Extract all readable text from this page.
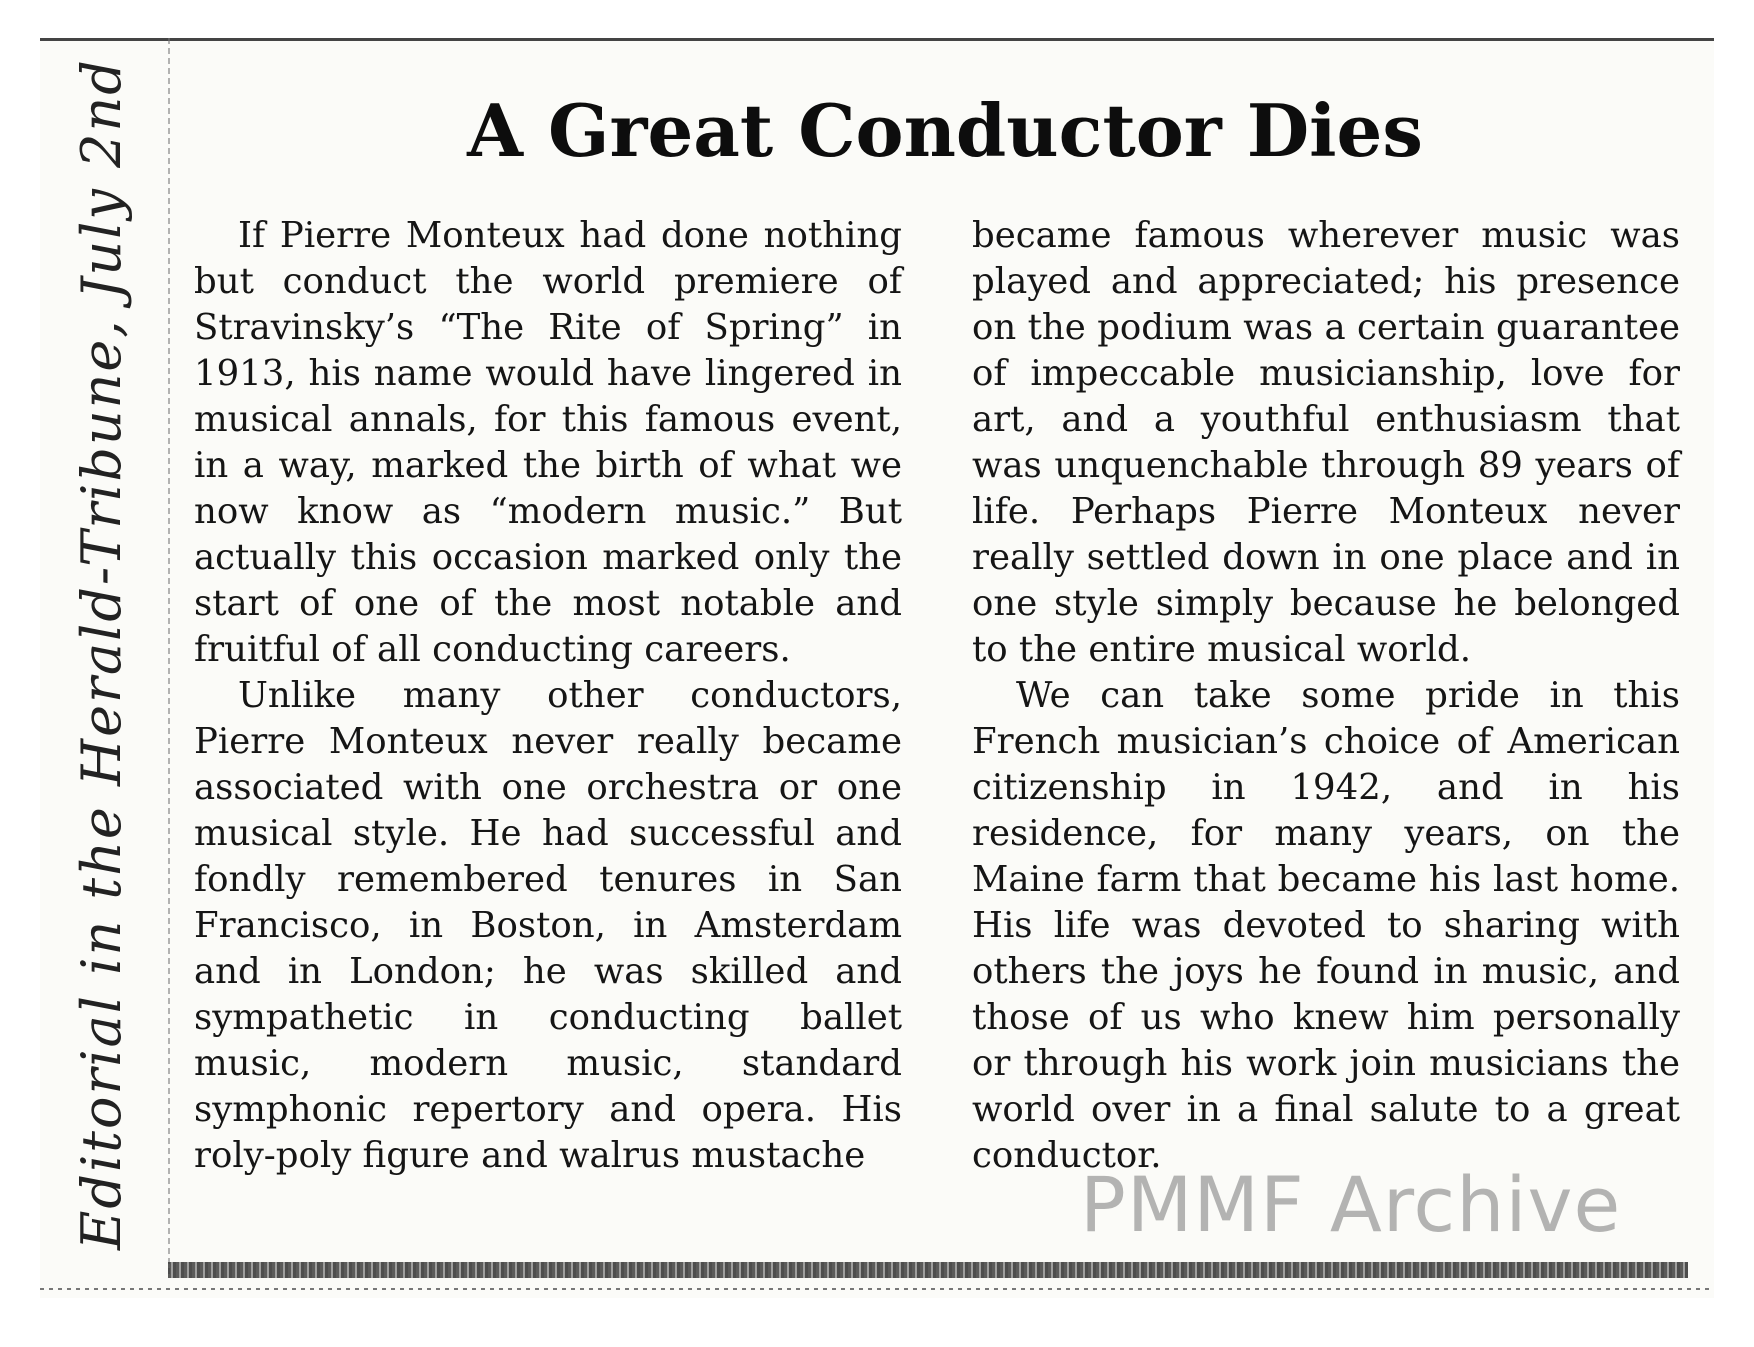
Editorial in the Herald-Tribune, July 2nd	A Great Conductor Dies

If Pierre Monteux had done nothing but conduct the world premiere of Stravinsky’s “The Rite of Spring” in 1913, his name would have lingered in musical annals, for this famous event, in a way, marked the birth of what we now know as “modern music.” But actually this occasion marked only the start of one of the most notable and fruitful of all conducting careers.

Unlike many other conductors, Pierre Monteux never really became associated with one orchestra or one musical style. He had successful and fondly remembered tenures in San Francisco, in Boston, in Amsterdam and in London; he was skilled and sympathetic in conducting ballet music, modern music, standard symphonic repertory and opera. His roly-poly figure and walrus mustache

became famous wherever music was played and appreciated; his presence on the podium was a certain guarantee of impeccable musicianship, love for art, and a youthful enthusiasm that was unquenchable through 89 years of life. Perhaps Pierre Monteux never really settled down in one place and in one style simply because he belonged to the entire musical world.

We can take some pride in this French musician’s choice of American citizenship in 1942, and in his residence, for many years, on the Maine farm that became his last home. His life was devoted to sharing with others the joys he found in music, and those of us who knew him personally or through his work join musicians the world over in a final salute to a great conductor.

PMMF Archive
